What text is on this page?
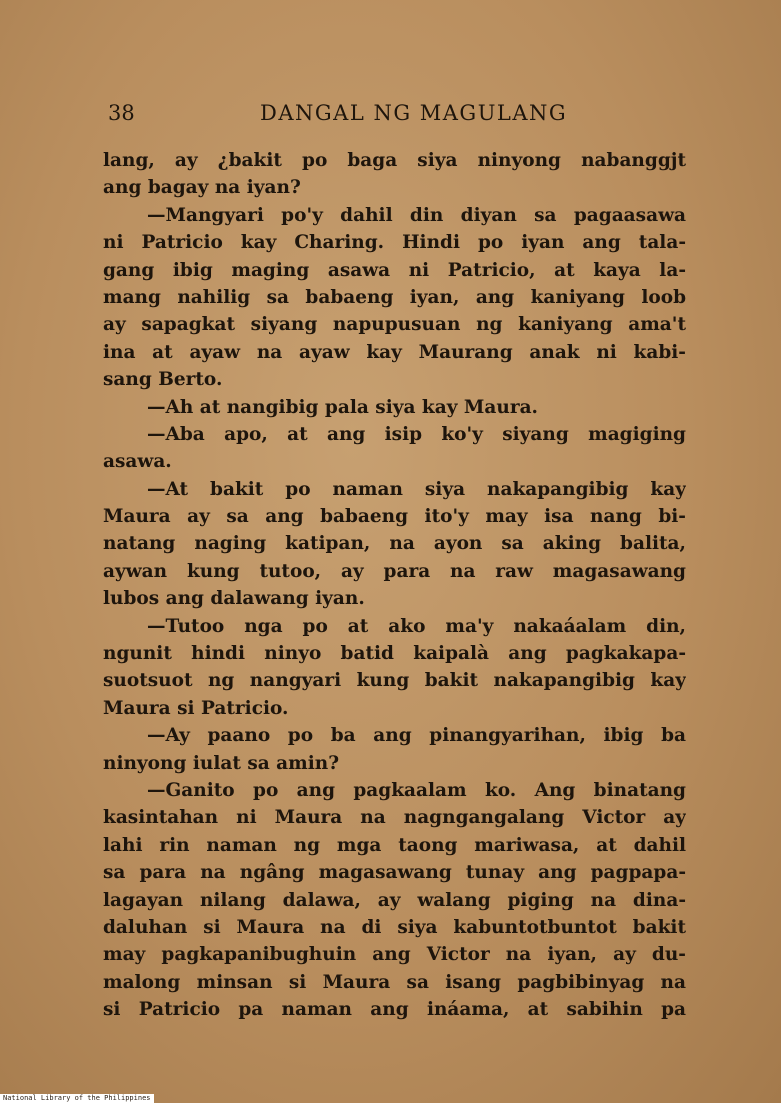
38	DANGAL NG MAGULANG
lang, ay ¿bakit po baga siya ninyong nabanggjt
ang bagay na iyan?
—Mangyari po'y dahil din diyan sa pagaasawa
ni Patricio kay Charing. Hindi po iyan ang tala-
gang ibig maging asawa ni Patricio, at kaya la-
mang nahilig sa babaeng iyan, ang kaniyang loob
ay sapagkat siyang napupusuan ng kaniyang ama't
ina at ayaw na ayaw kay Maurang anak ni kabi-
sang Berto.
—Ah at nangibig pala siya kay Maura.
—Aba apo, at ang isip ko'y siyang magiging
asawa.
—At bakit po naman siya nakapangibig kay
Maura ay sa ang babaeng ito'y may isa nang bi-
natang naging katipan, na ayon sa aking balita,
aywan kung tutoo, ay para na raw magasawang
lubos ang dalawang iyan.
—Tutoo nga po at ako ma'y nakaáalam din,
ngunit hindi ninyo batid kaipalà ang pagkakapa-
suotsuot ng nangyari kung bakit nakapangibig kay
Maura si Patricio.
—Ay paano po ba ang pinangyarihan, ibig ba
ninyong iulat sa amin?
—Ganito po ang pagkaalam ko. Ang binatang
kasintahan ni Maura na nagngangalang Victor ay
lahi rin naman ng mga taong mariwasa, at dahil
sa para na ngâng magasawang tunay ang pagpapa-
lagayan nilang dalawa, ay walang piging na dina-
daluhan si Maura na di siya kabuntotbuntot bakit
may pagkapanibughuin ang Victor na iyan, ay du-
malong minsan si Maura sa isang pagbibinyag na
si Patricio pa naman ang ináama, at sabihin pa
National Library of the Philippines
